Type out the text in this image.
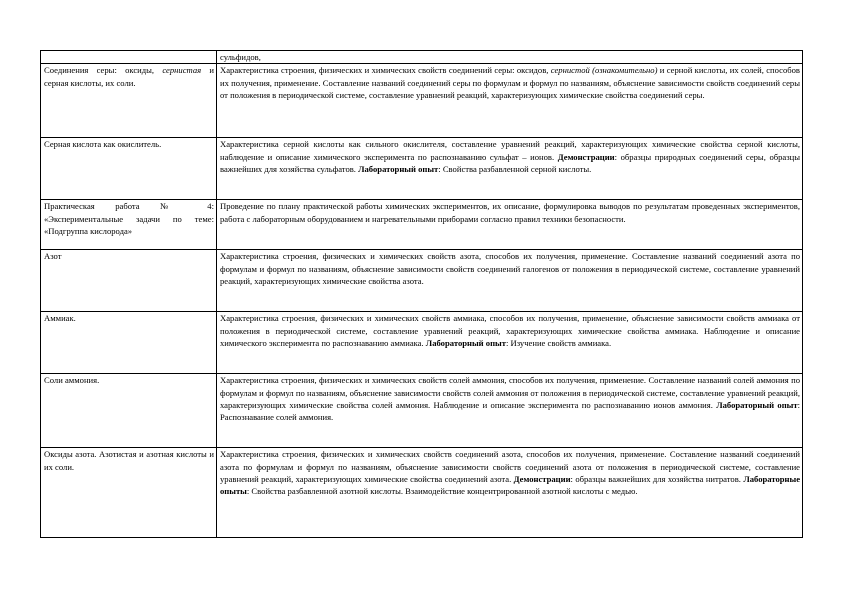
	сульфидов,
Соединения серы: оксиды, сернистая и серная кислоты, их соли.	Характеристика строения, физических и химических свойств соединений серы: оксидов, сернистой (ознакомительно) и серной кислоты, их солей, способов их получения, применение. Составление названий соединений серы по формулам и формул по названиям, объяснение зависимости свойств соединений серы от положения в периодической системе, составление уравнений реакций, характеризующих химические свойства соединений серы.
Серная кислота как окислитель.	Характеристика серной кислоты как сильного окислителя, составление уравнений реакций, характеризующих химические свойства серной кислоты, наблюдение и описание химического эксперимента по распознаванию сульфат – ионов. Демонстрации: образцы природных соединений серы, образцы важнейших для хозяйства сульфатов. Лабораторный опыт: Свойства разбавленной серной кислоты.
Практическая работа № 4: «Экспериментальные задачи по теме: «Подгруппа кислорода»	Проведение по плану практической работы химических экспериментов, их описание, формулировка выводов по результатам проведенных экспериментов, работа с лабораторным оборудованием и нагревательными приборами согласно правил техники безопасности.
Азот	Характеристика строения, физических и химических свойств азота, способов их получения, применение. Составление названий соединений азота по формулам и формул по названиям, объяснение зависимости свойств соединений галогенов от положения в периодической системе, составление уравнений реакций, характеризующих химические свойства азота.
Аммиак.	Характеристика строения, физических и химических свойств аммиака, способов их получения, применение, объяснение зависимости свойств аммиака от положения в периодической системе, составление уравнений реакций, характеризующих химические свойства аммиака. Наблюдение и описание химического эксперимента по распознаванию аммиака. Лабораторный опыт: Изучение свойств аммиака.
Соли аммония.	Характеристика строения, физических и химических свойств солей аммония, способов их получения, применение. Составление названий солей аммония по формулам и формул по названиям, объяснение зависимости свойств солей аммония от положения в периодической системе, составление уравнений реакций, характеризующих химические свойства солей аммония. Наблюдение и описание эксперимента по распознаванию ионов аммония. Лабораторный опыт: Распознавание солей аммония.
Оксиды азота. Азотистая и азотная кислоты и их соли.	Характеристика строения, физических и химических свойств соединений азота, способов их получения, применение. Составление названий соединений азота по формулам и формул по названиям, объяснение зависимости свойств соединений азота от положения в периодической системе, составление уравнений реакций, характеризующих химические свойства соединений азота. Демонстрации: образцы важнейших для хозяйства нитратов. Лабораторные опыты: Свойства разбавленной азотной кислоты. Взаимодействие концентрированной азотной кислоты с медью.
